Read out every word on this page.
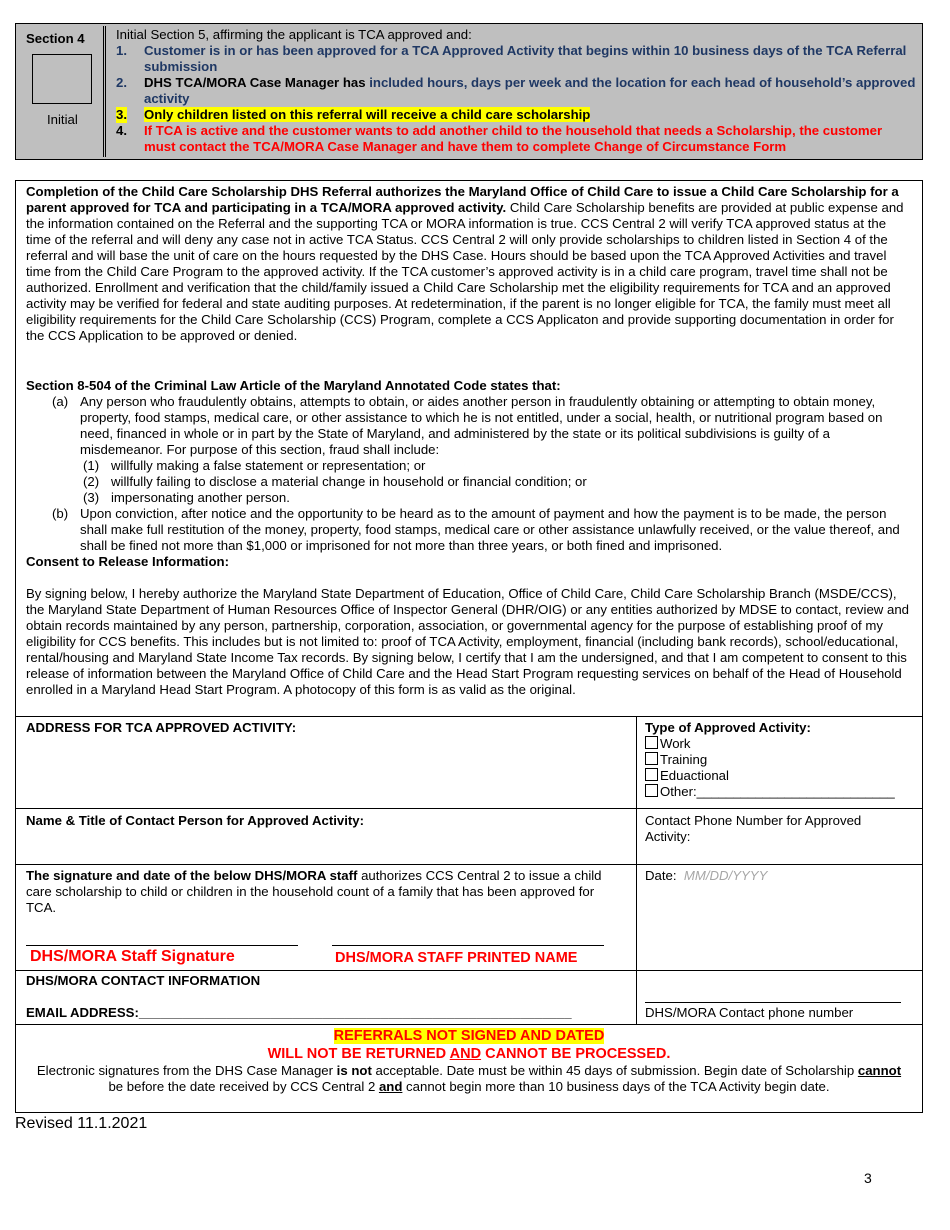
Section 4
Initial
Initial Section 5, affirming the applicant is TCA approved and:
1. Customer is in or has been approved for a TCA Approved Activity that begins within 10 business days of the TCA Referral submission
2. DHS TCA/MORA Case Manager has included hours, days per week and the location for each head of household’s approved activity
3. Only children listed on this referral will receive a child care scholarship
4. If TCA is active and the customer wants to add another child to the household that needs a Scholarship, the customer must contact the TCA/MORA Case Manager and have them to complete Change of Circumstance Form
Completion of the Child Care Scholarship DHS Referral authorizes the Maryland Office of Child Care to issue a Child Care Scholarship for a parent approved for TCA and participating in a TCA/MORA approved activity. Child Care Scholarship benefits are provided at public expense and the information contained on the Referral and the supporting TCA or MORA information is true. CCS Central 2 will verify TCA approved status at the time of the referral and will deny any case not in active TCA Status. CCS Central 2 will only provide scholarships to children listed in Section 4 of the referral and will base the unit of care on the hours requested by the DHS Case. Hours should be based upon the TCA Approved Activities and travel time from the Child Care Program to the approved activity. If the TCA customer’s approved activity is in a child care program, travel time shall not be authorized. Enrollment and verification that the child/family issued a Child Care Scholarship met the eligibility requirements for TCA and an approved activity may be verified for federal and state auditing purposes. At redetermination, if the parent is no longer eligible for TCA, the family must meet all eligibility requirements for the Child Care Scholarship (CCS) Program, complete a CCS Applicaton and provide supporting documentation in order for the CCS Application to be approved or denied.
Section 8-504 of the Criminal Law Article of the Maryland Annotated Code states that:
(a) Any person who fraudulently obtains, attempts to obtain, or aides another person in fraudulently obtaining or attempting to obtain money, property, food stamps, medical care, or other assistance to which he is not entitled, under a social, health, or nutritional program based on need, financed in whole or in part by the State of Maryland, and administered by the state or its political subdivisions is guilty of a misdemeanor. For purpose of this section, fraud shall include:
(1) willfully making a false statement or representation; or
(2) willfully failing to disclose a material change in household or financial condition; or
(3) impersonating another person.
(b) Upon conviction, after notice and the opportunity to be heard as to the amount of payment and how the payment is to be made, the person shall make full restitution of the money, property, food stamps, medical care or other assistance unlawfully received, or the value thereof, and shall be fined not more than $1,000 or imprisoned for not more than three years, or both fined and imprisoned.
Consent to Release Information:
By signing below, I hereby authorize the Maryland State Department of Education, Office of Child Care, Child Care Scholarship Branch (MSDE/CCS), the Maryland State Department of Human Resources Office of Inspector General (DHR/OIG) or any entities authorized by MDSE to contact, review and obtain records maintained by any person, partnership, corporation, association, or governmental agency for the purpose of establishing proof of my eligibility for CCS benefits. This includes but is not limited to: proof of TCA Activity, employment, financial (including bank records), school/educational, rental/housing and Maryland State Income Tax records. By signing below, I certify that I am the undersigned, and that I am competent to consent to this release of information between the Maryland Office of Child Care and the Head Start Program requesting services on behalf of the Head of Household enrolled in a Maryland Head Start Program. A photocopy of this form is as valid as the original.
ADDRESS FOR TCA APPROVED ACTIVITY:	Type of Approved Activity:
Work
Training
Eduactional
Other:___________________________
Name & Title of Contact Person for Approved Activity:	Contact Phone Number for Approved Activity:
The signature and date of the below DHS/MORA staff authorizes CCS Central 2 to issue a child care scholarship to child or children in the household count of a family that has been approved for TCA.
Date: MM/DD/YYYY
DHS/MORA Staff Signature	DHS/MORA STAFF PRINTED NAME
DHS/MORA CONTACT INFORMATION
EMAIL ADDRESS:___________________________________________________________	DHS/MORA Contact phone number
REFERRALS NOT SIGNED AND DATED
WILL NOT BE RETURNED AND CANNOT BE PROCESSED.
Electronic signatures from the DHS Case Manager is not acceptable. Date must be within 45 days of submission. Begin date of Scholarship cannot be before the date received by CCS Central 2 and cannot begin more than 10 business days of the TCA Activity begin date.
Revised 11.1.2021
3
